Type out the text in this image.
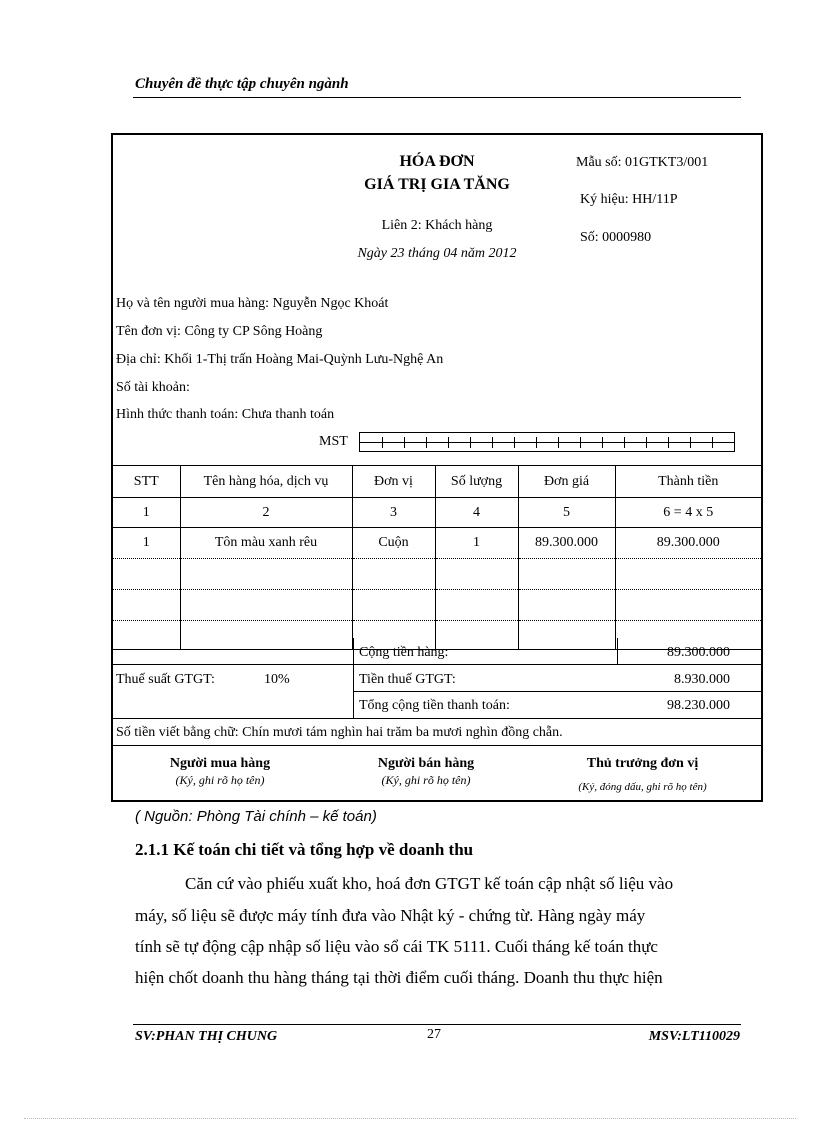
Chuyên đề thực tập chuyên ngành
HÓA ĐƠN
GIÁ TRỊ GIA TĂNG
Liên 2: Khách hàng
Ngày 23 tháng 04 năm 2012
Mẫu số: 01GTKT3/001
Ký hiệu: HH/11P
Số: 0000980
Họ và tên người mua hàng: Nguyễn Ngọc Khoát
Tên đơn vị: Công ty CP Sông Hoàng
Địa chỉ: Khối 1-Thị trấn Hoàng Mai-Quỳnh Lưu-Nghệ An
Số tài khoản:
Hình thức thanh toán: Chưa thanh toán
MST
STT	Tên hàng hóa, dịch vụ	Đơn vị	Số lượng	Đơn giá	Thành tiền
1	2	3	4	5	6 = 4 x 5
1	Tôn màu xanh rêu	Cuộn	1	89.300.000	89.300.000

Cộng tiền hàng:	89.300.000
Thuế suất GTGT:	10%	Tiền thuế GTGT:	8.930.000
Tổng cộng tiền thanh toán:	98.230.000
Số tiền viết bằng chữ: Chín mươi tám nghìn hai trăm ba mươi nghìn đồng chẵn.
Người mua hàng
(Ký, ghi rõ họ tên)
Người bán hàng
(Ký, ghi rõ họ tên)
Thủ trưởng đơn vị
(Ký, đóng dấu, ghi rõ họ tên)
( Nguồn: Phòng Tài chính – kế toán)
2.1.1 Kế toán chi tiết và tổng hợp về doanh thu
Căn cứ vào phiếu xuất kho, hoá đơn GTGT kế toán cập nhật số liệu vào
máy, số liệu sẽ được máy tính đưa vào Nhật ký - chứng từ. Hàng ngày máy
tính sẽ tự động cập nhập số liệu vào sổ cái TK 5111. Cuối tháng kế toán thực
hiện chốt doanh thu hàng tháng tại thời điểm cuối tháng. Doanh thu thực hiện
SV:PHAN THỊ CHUNG	27	MSV:LT110029
